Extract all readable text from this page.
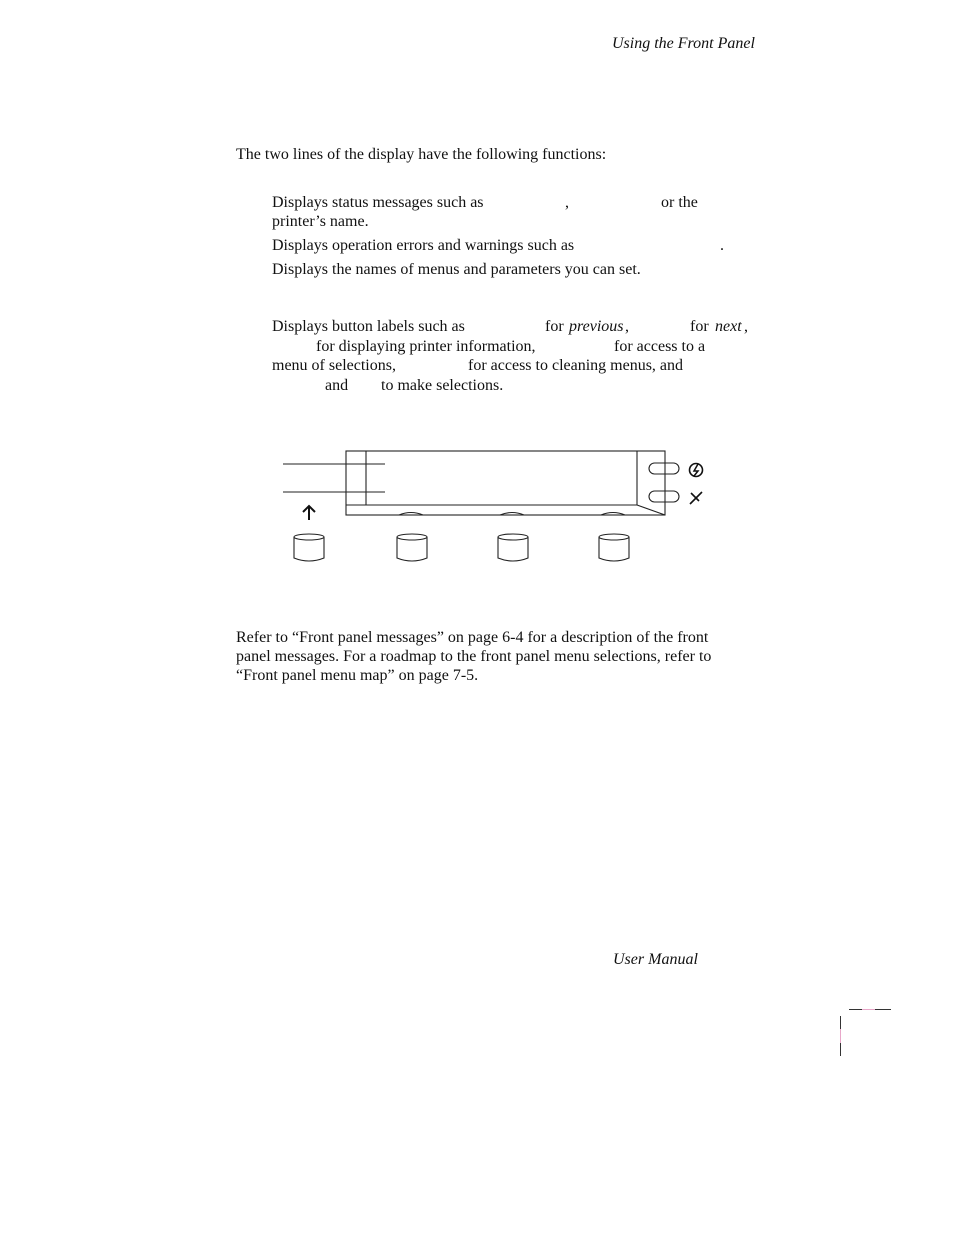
Using the Front Panel
The two lines of the display have the following functions:
Displays status messages such as	,	or the
printer’s name.
Displays operation errors and warnings such as	.
Displays the names of menus and parameters you can set.
Displays button labels such as	for previous ,	for next ,
for displaying printer information,	for access to a
menu of selections,	for access to cleaning menus, and
and to make selections.
Refer to “Front panel messages” on page 6-4 for a description of the front
panel messages. For a roadmap to the front panel menu selections, refer to
“Front panel menu map” on page 7-5.
User Manual
